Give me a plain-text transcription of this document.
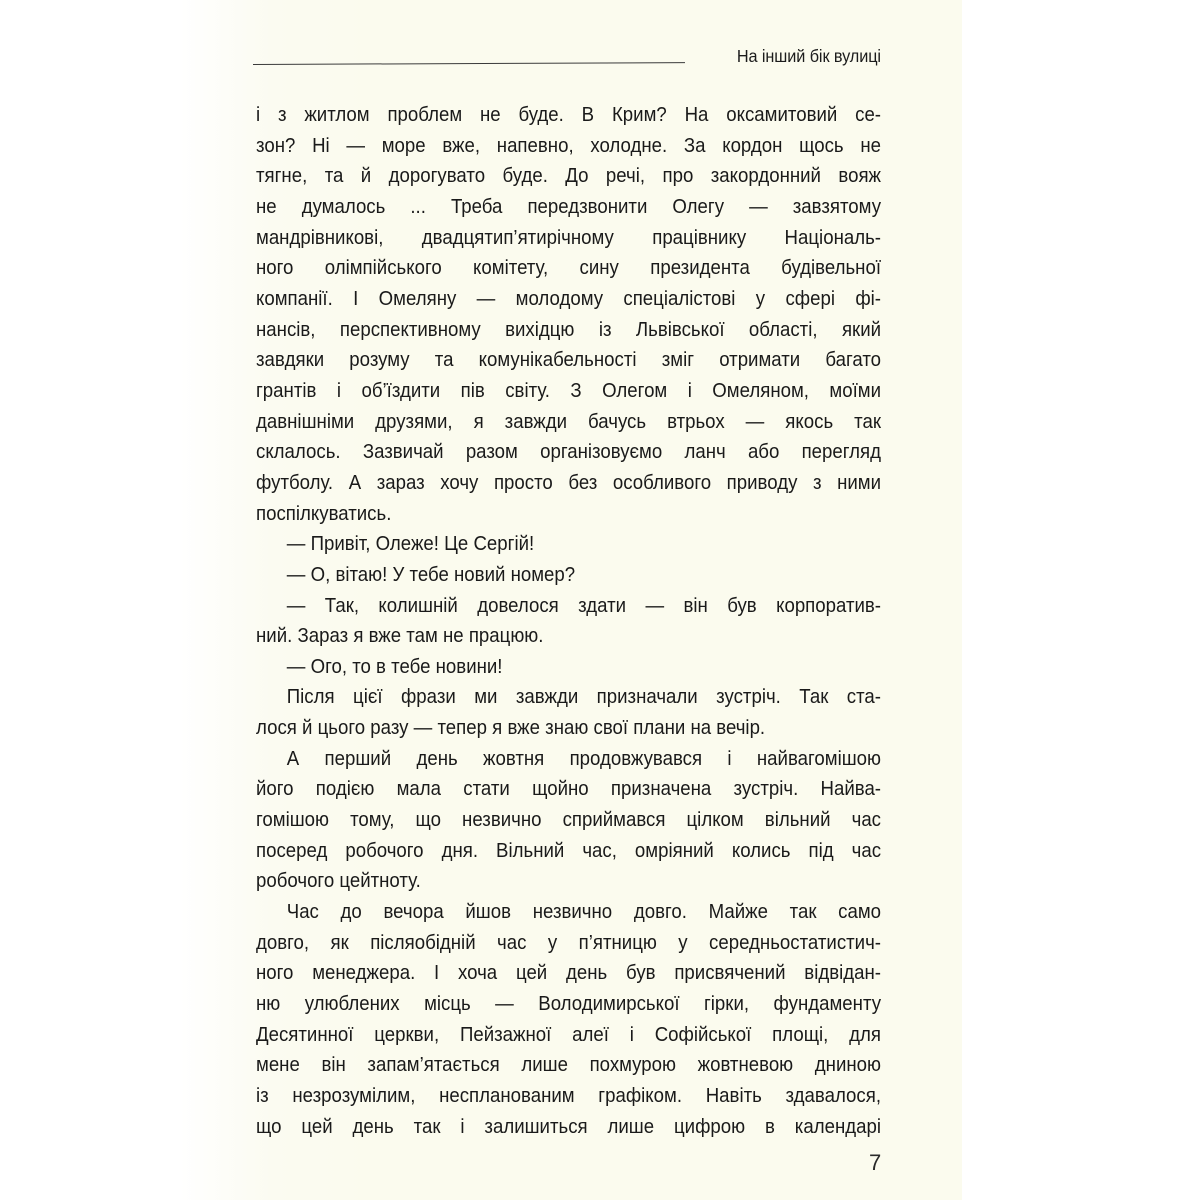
На інший бік вулиці
і з житлом проблем не буде. В Крим? На оксамитовий се-
зон? Ні — море вже, напевно, холодне. За кордон щось не
тягне, та й дорогувато буде. До речі, про закордонний вояж
не думалось ... Треба передзвонити Олегу — завзятому
мандрівникові, двадцятип’ятирічному працівнику Національ-
ного олімпійського комітету, сину президента будівельної
компанії. І Омеляну — молодому спеціалістові у сфері фі-
нансів, перспективному вихідцю із Львівської області, який
завдяки розуму та комунікабельності зміг отримати багато
грантів і об’їздити пів світу. З Олегом і Омеляном, моїми
давнішніми друзями, я завжди бачусь втрьох — якось так
склалось. Зазвичай разом організовуємо ланч або перегляд
футболу. А зараз хочу просто без особливого приводу з ними
поспілкуватись.
— Привіт, Олеже! Це Сергій!
— О, вітаю! У тебе новий номер?
— Так, колишній довелося здати — він був корпоратив-
ний. Зараз я вже там не працюю.
— Ого, то в тебе новини!
Після цієї фрази ми завжди призначали зустріч. Так ста-
лося й цього разу — тепер я вже знаю свої плани на вечір.
А перший день жовтня продовжувався і найвагомішою
його подією мала стати щойно призначена зустріч. Найва-
гомішою тому, що незвично сприймався цілком вільний час
посеред робочого дня. Вільний час, омріяний колись під час
робочого цейтноту.
Час до вечора йшов незвично довго. Майже так само
довго, як післяобідній час у п’ятницю у середньостатистич-
ного менеджера. І хоча цей день був присвячений відвідан-
ню улюблених місць — Володимирської гірки, фундаменту
Десятинної церкви, Пейзажної алеї і Софійської площі, для
мене він запам’ятається лише похмурою жовтневою дниною
із незрозумілим, неспланованим графіком. Навіть здавалося,
що цей день так і залишиться лише цифрою в календарі
7
